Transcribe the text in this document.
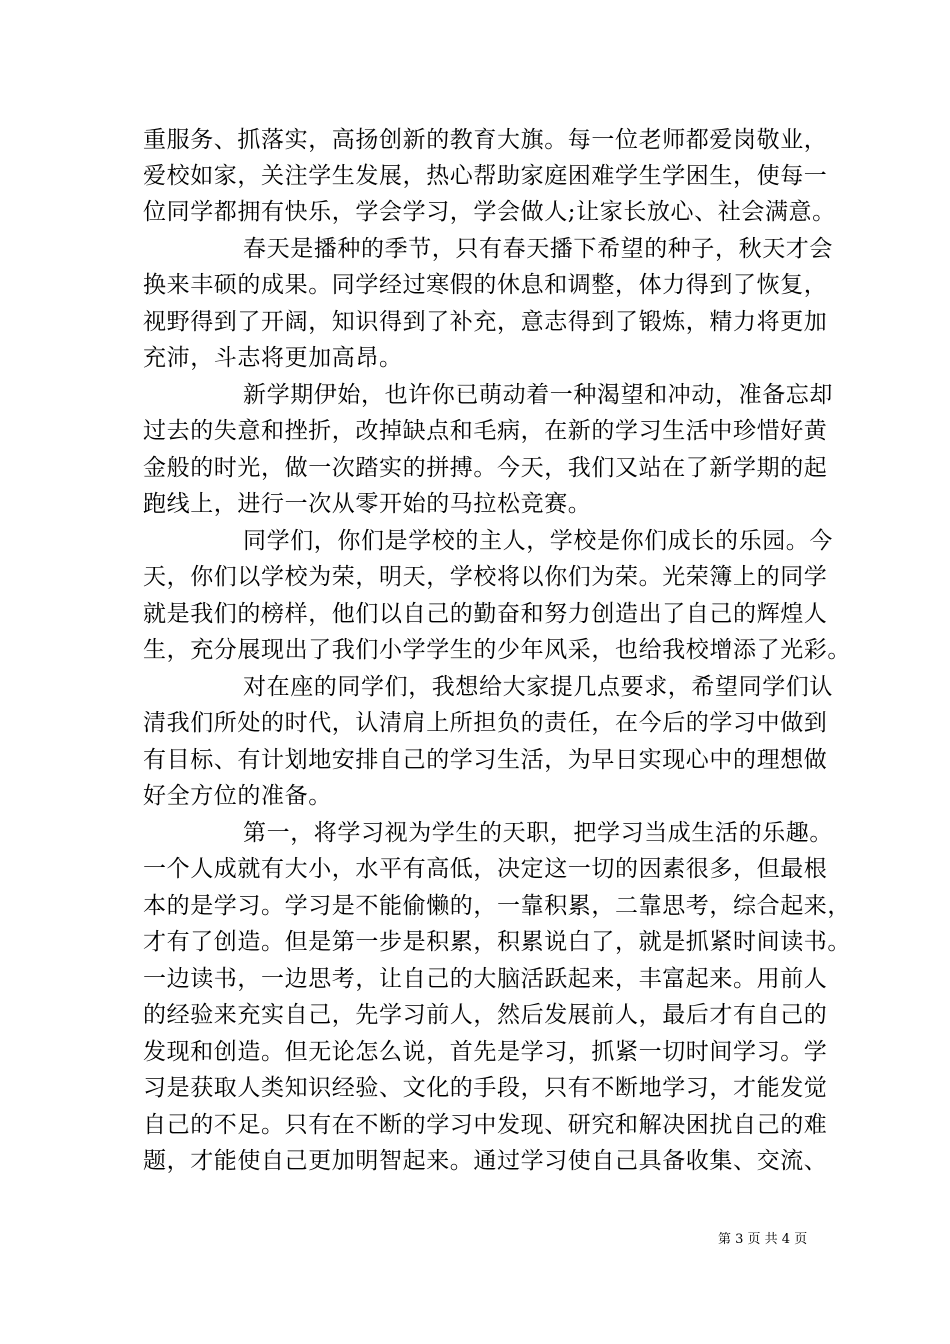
重服务、抓落实，高扬创新的教育大旗。每一位老师都爱岗敬业，
爱校如家，关注学生发展，热心帮助家庭困难学生学困生，使每一
位同学都拥有快乐，学会学习，学会做人;让家长放心、社会满意。
春天是播种的季节，只有春天播下希望的种子，秋天才会
换来丰硕的成果。同学经过寒假的休息和调整，体力得到了恢复，
视野得到了开阔，知识得到了补充，意志得到了锻炼，精力将更加
充沛，斗志将更加高昂。
新学期伊始，也许你已萌动着一种渴望和冲动，准备忘却
过去的失意和挫折，改掉缺点和毛病，在新的学习生活中珍惜好黄
金般的时光，做一次踏实的拼搏。今天，我们又站在了新学期的起
跑线上，进行一次从零开始的马拉松竞赛。
同学们，你们是学校的主人，学校是你们成长的乐园。今
天，你们以学校为荣，明天，学校将以你们为荣。光荣簿上的同学
就是我们的榜样，他们以自己的勤奋和努力创造出了自己的辉煌人
生，充分展现出了我们小学学生的少年风采，也给我校增添了光彩。
对在座的同学们，我想给大家提几点要求，希望同学们认
清我们所处的时代，认清肩上所担负的责任，在今后的学习中做到
有目标、有计划地安排自己的学习生活，为早日实现心中的理想做
好全方位的准备。
第一，将学习视为学生的天职，把学习当成生活的乐趣。
一个人成就有大小，水平有高低，决定这一切的因素很多，但最根
本的是学习。学习是不能偷懒的，一靠积累，二靠思考，综合起来，
才有了创造。但是第一步是积累，积累说白了，就是抓紧时间读书。
一边读书，一边思考，让自己的大脑活跃起来，丰富起来。用前人
的经验来充实自己，先学习前人，然后发展前人，最后才有自己的
发现和创造。但无论怎么说，首先是学习，抓紧一切时间学习。学
习是获取人类知识经验、文化的手段，只有不断地学习，才能发觉
自己的不足。只有在不断的学习中发现、研究和解决困扰自己的难
题，才能使自己更加明智起来。通过学习使自己具备收集、交流、
第 3 页 共 4 页
